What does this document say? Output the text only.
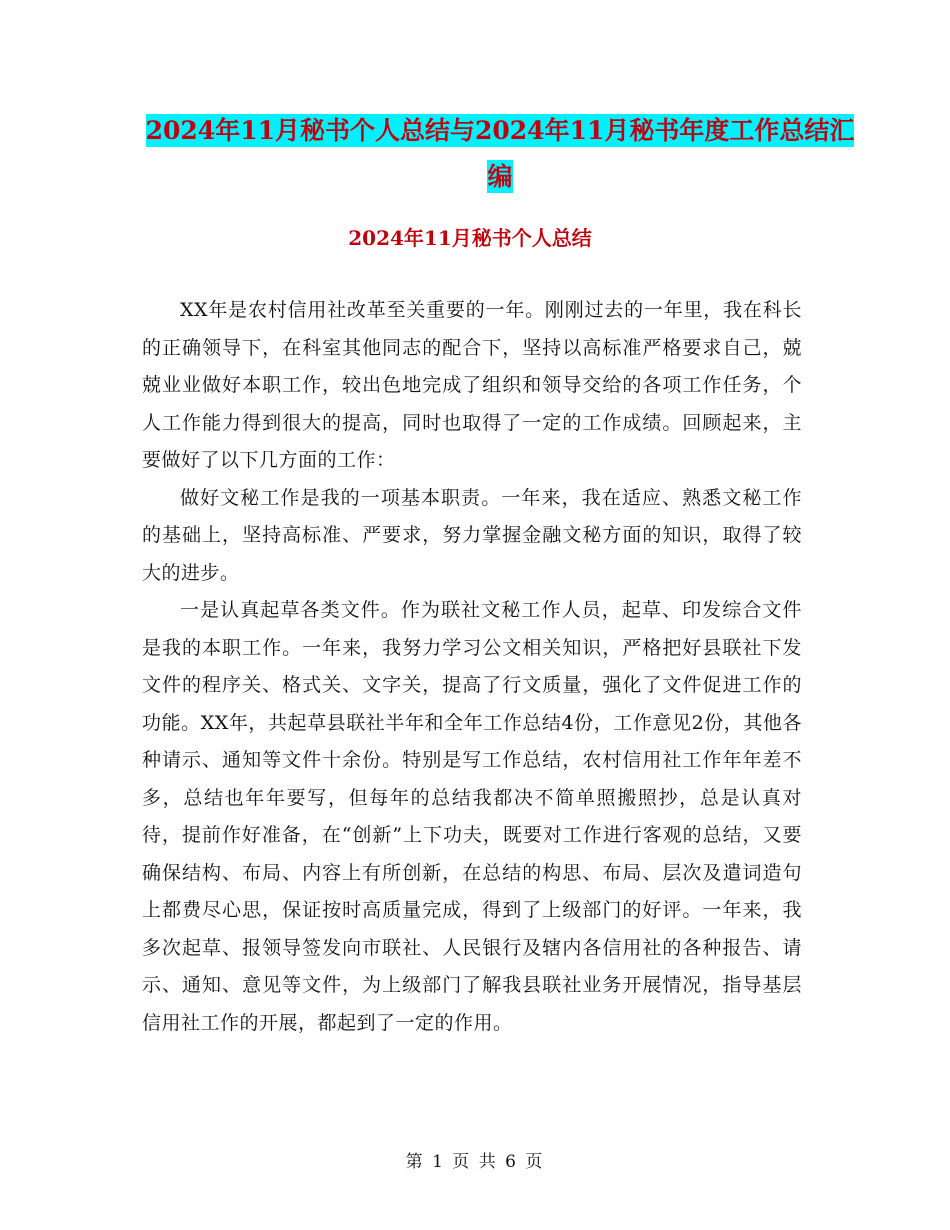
2024年11月秘书个人总结与2024年11月秘书年度工作总结汇编
2024年11月秘书个人总结

XX年是农村信用社改革至关重要的一年。刚刚过去的一年里，我在科长的正确领导下，在科室其他同志的配合下，坚持以高标准严格要求自己，兢兢业业做好本职工作，较出色地完成了组织和领导交给的各项工作任务，个人工作能力得到很大的提高，同时也取得了一定的工作成绩。回顾起来，主要做好了以下几方面的工作：

做好文秘工作是我的一项基本职责。一年来，我在适应、熟悉文秘工作的基础上，坚持高标准、严要求，努力掌握金融文秘方面的知识，取得了较大的进步。

一是认真起草各类文件。作为联社文秘工作人员，起草、印发综合文件是我的本职工作。一年来，我努力学习公文相关知识，严格把好县联社下发文件的程序关、格式关、文字关，提高了行文质量，强化了文件促进工作的功能。XX年，共起草县联社半年和全年工作总结4份，工作意见2份，其他各种请示、通知等文件十余份。特别是写工作总结，农村信用社工作年年差不多，总结也年年要写，但每年的总结我都决不简单照搬照抄，总是认真对待，提前作好准备，在“创新”上下功夫，既要对工作进行客观的总结，又要确保结构、布局、内容上有所创新，在总结的构思、布局、层次及遣词造句上都费尽心思，保证按时高质量完成，得到了上级部门的好评。一年来，我多次起草、报领导签发向市联社、人民银行及辖内各信用社的各种报告、请示、通知、意见等文件，为上级部门了解我县联社业务开展情况，指导基层信用社工作的开展，都起到了一定的作用。

第 1 页 共 6 页
